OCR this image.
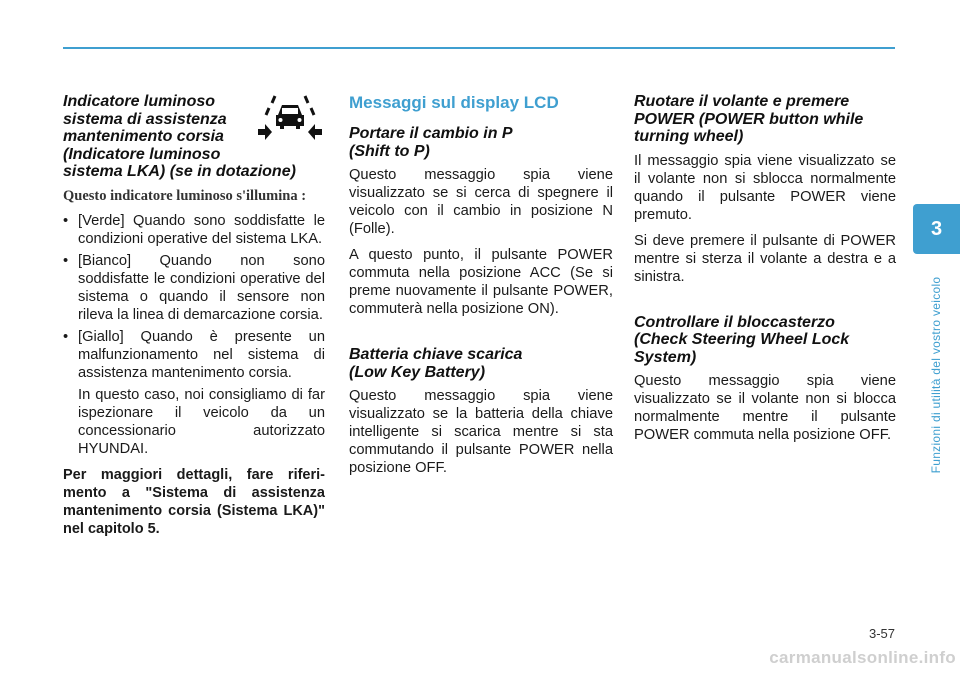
Indicatore luminoso
sistema di assistenza
mantenimento corsia
(Indicatore luminoso
sistema LKA) (se in dotazione)

Questo indicatore luminoso s'illumina :

• [Verde] Quando sono soddisfatte le condizioni operative del sistema LKA.
• [Bianco] Quando non sono soddisfatte le condizioni operative del sistema o quando il sensore non rileva la linea di demarcazione corsia.
• [Giallo] Quando è presente un malfunzionamento nel sistema di assistenza mantenimento corsia.

In questo caso, noi consigliamo di far ispezionare il veicolo da un concessionario autorizzato HYUNDAI.

Per maggiori dettagli, fare riferi-mento a "Sistema di assistenza mantenimento corsia (Sistema LKA)" nel capitolo 5.

Messaggi sul display LCD
Portare il cambio in P
(Shift to P)

Questo messaggio spia viene visualizzato se si cerca di spegnere il veicolo con il cambio in posizione N (Folle).

A questo punto, il pulsante POWER commuta nella posizione ACC (Se si preme nuovamente il pulsante POWER, commuterà nella posizione ON).

Batteria chiave scarica
(Low Key Battery)

Questo messaggio spia viene visualizzato se la batteria della chiave intelligente si scarica mentre si sta commutando il pulsante POWER nella posizione OFF.

Ruotare il volante e premere
POWER (POWER button while
turning wheel)

Il messaggio spia viene visualizzato se il volante non si sblocca normalmente quando il pulsante POWER viene premuto.

Si deve premere il pulsante di POWER mentre si sterza il volante a destra e a sinistra.

Controllare il bloccasterzo
(Check Steering Wheel Lock
System)

Questo messaggio spia viene visualizzato se il volante non si blocca normalmente mentre il pulsante POWER commuta nella posizione OFF.

3
Funzioni di utilità del vostro veicolo
3-57
carmanualsonline.info
